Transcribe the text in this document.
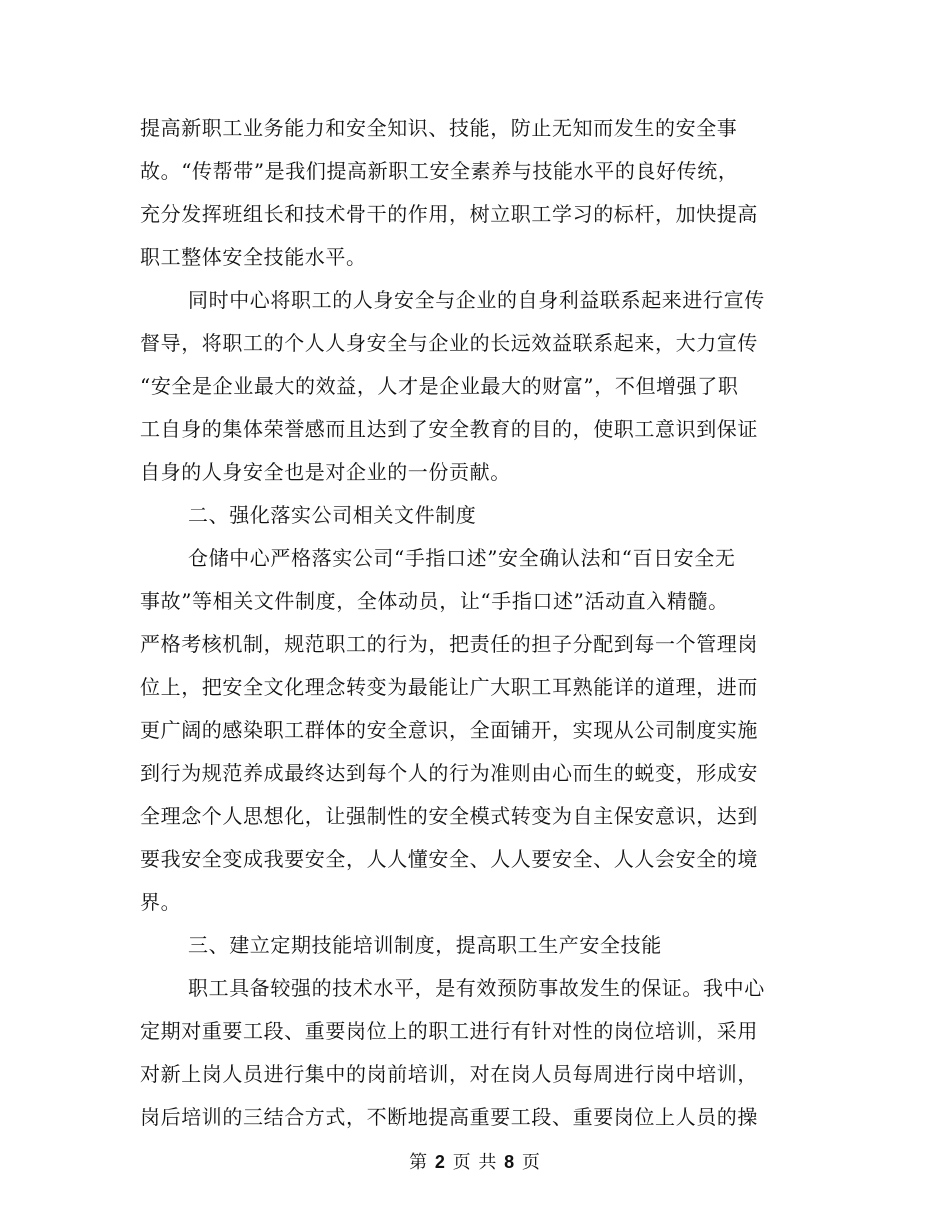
提高新职工业务能力和安全知识、技能，防止无知而发生的安全事
故。“传帮带”是我们提高新职工安全素养与技能水平的良好传统，
充分发挥班组长和技术骨干的作用，树立职工学习的标杆，加快提高
职工整体安全技能水平。
同时中心将职工的人身安全与企业的自身利益联系起来进行宣传
督导，将职工的个人人身安全与企业的长远效益联系起来，大力宣传
“安全是企业最大的效益，人才是企业最大的财富”，不但增强了职
工自身的集体荣誉感而且达到了安全教育的目的，使职工意识到保证
自身的人身安全也是对企业的一份贡献。
二、强化落实公司相关文件制度
仓储中心严格落实公司“手指口述”安全确认法和“百日安全无
事故”等相关文件制度，全体动员，让“手指口述”活动直入精髓。
严格考核机制，规范职工的行为，把责任的担子分配到每一个管理岗
位上，把安全文化理念转变为最能让广大职工耳熟能详的道理，进而
更广阔的感染职工群体的安全意识，全面铺开，实现从公司制度实施
到行为规范养成最终达到每个人的行为准则由心而生的蜕变，形成安
全理念个人思想化，让强制性的安全模式转变为自主保安意识，达到
要我安全变成我要安全，人人懂安全、人人要安全、人人会安全的境
界。
三、建立定期技能培训制度，提高职工生产安全技能
职工具备较强的技术水平，是有效预防事故发生的保证。我中心
定期对重要工段、重要岗位上的职工进行有针对性的岗位培训，采用
对新上岗人员进行集中的岗前培训，对在岗人员每周进行岗中培训，
岗后培训的三结合方式，不断地提高重要工段、重要岗位上人员的操
第 2 页 共 8 页
